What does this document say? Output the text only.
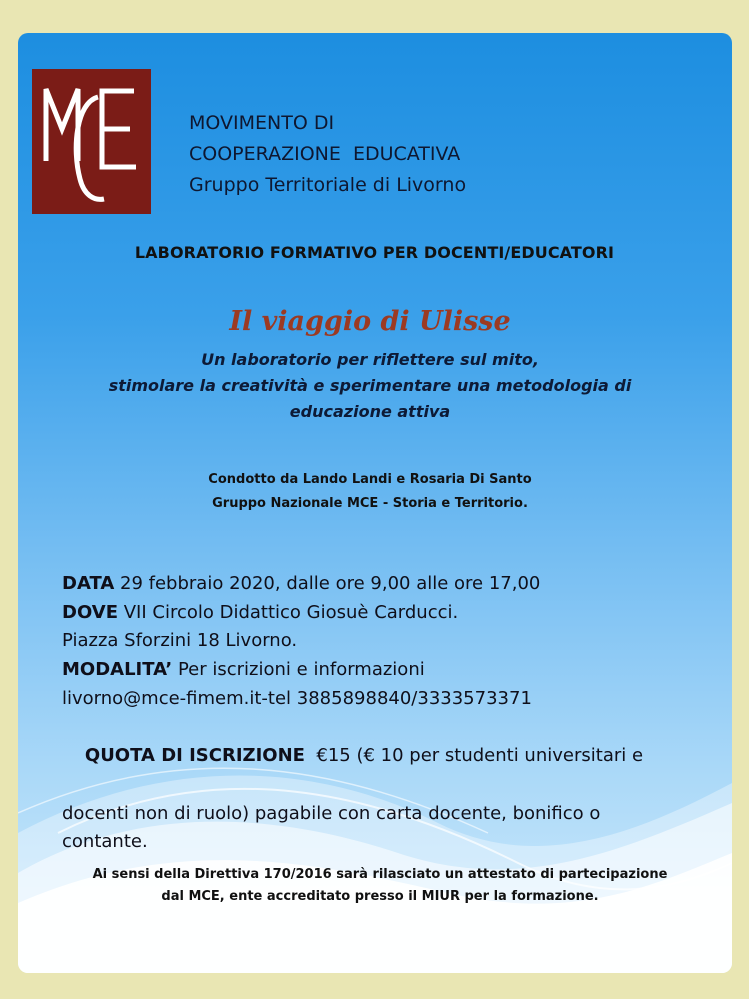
MOVIMENTO DI
COOPERAZIONE  EDUCATIVA
Gruppo Territoriale di Livorno
LABORATORIO FORMATIVO PER DOCENTI/EDUCATORI
Il viaggio di Ulisse
Un laboratorio per riflettere sul mito,
stimolare la creatività e sperimentare una metodologia di
educazione attiva
Condotto da Lando Landi e Rosaria Di Santo
Gruppo Nazionale MCE - Storia e Territorio.
DATA 29 febbraio 2020, dalle ore 9,00 alle ore 17,00
DOVE VII Circolo Didattico Giosuè Carducci.
Piazza Sforzini 18 Livorno.
MODALITA’ Per iscrizioni e informazioni
livorno@mce-fimem.it-tel 3885898840/3333573371

QUOTA DI ISCRIZIONE  €15 (€ 10 per studenti universitari e

docenti non di ruolo) pagabile con carta docente, bonifico o
contante.
Ai sensi della Direttiva 170/2016 sarà rilasciato un attestato di partecipazione
dal MCE, ente accreditato presso il MIUR per la formazione.
